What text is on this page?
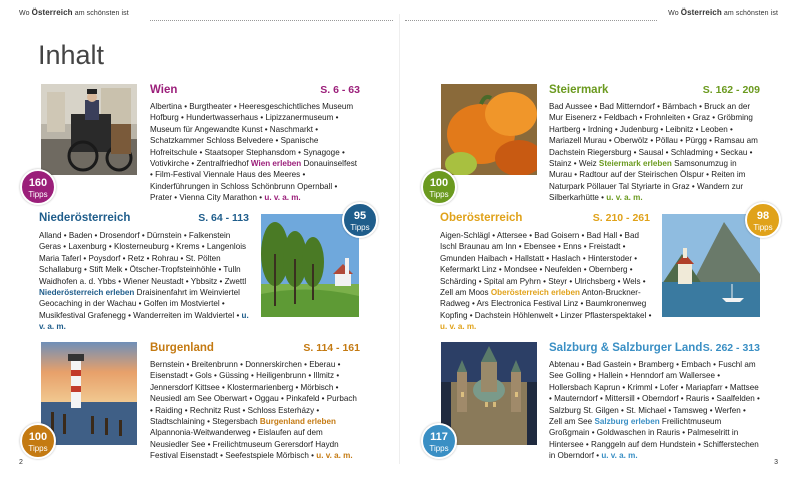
Wo Österreich am schönsten ist	Wo Österreich am schönsten ist
Inhalt
160
Tipps
Wien	S. 6 - 63
Albertina • Burgtheater • Heeresgeschichtliches Museum Hofburg • Hundertwasserhaus • Lipizzanermuseum • Museum für Angewandte Kunst • Naschmarkt • Schatzkammer Schloss Belvedere • Spanische Hofreitschule • Staatsoper Stephansdom • Synagoge • Votivkirche • Zentralfriedhof Wien erleben Donauinselfest • Film-Festival Viennale Haus des Meeres • Kinderführungen in Schloss Schönbrunn Opernball • Prater • Vienna City Marathon • u. v. a. m.
Niederösterreich	S. 64 - 113
Alland • Baden • Drosendorf • Dürnstein • Falkenstein Geras • Laxenburg • Klosterneuburg • Krems • Langenlois Maria Taferl • Poysdorf • Retz • Rohrau • St. Pölten Schallaburg • Stift Melk • Ötscher-Tropfsteinhöhle • Tulln Waidhofen a. d. Ybbs • Wiener Neustadt • Ybbsitz • Zwettl Niederösterreich erleben Draisinenfahrt im Weinviertel Geocaching in der Wachau • Golfen im Mostviertel • Musikfestival Grafenegg • Wanderreiten im Waldviertel • u. v. a. m.
95
Tipps
100
Tipps
Burgenland	S. 114 - 161
Bernstein • Breitenbrunn • Donnerskirchen • Eberau • Eisenstadt • Gols • Güssing • Heiligenbrunn • Illmitz • Jennersdorf Kittsee • Klostermarienberg • Mörbisch • Neusiedl am See Oberwart • Oggau • Pinkafeld • Purbach • Raiding • Rechnitz Rust • Schloss Esterházy • Stadtschlaining • Stegersbach Burgenland erleben Alpannonia-Weitwanderweg • Eislaufen auf dem Neusiedler See • Freilichtmuseum Gerersdorf Haydn Festival Eisenstadt • Seefestspiele Mörbisch • u. v. a. m.
100
Tipps
Steiermark	S. 162 - 209
Bad Aussee • Bad Mitterndorf • Bärnbach • Bruck an der Mur Eisenerz • Feldbach • Frohnleiten • Graz • Gröbming Hartberg • Irdning • Judenburg • Leibnitz • Leoben • Mariazell Murau • Oberwölz • Pöllau • Pürgg • Ramsau am Dachstein Riegersburg • Sausal • Schladming • Seckau • Stainz • Weiz Steiermark erleben Samsonumzug in Murau • Radtour auf der Steirischen Ölspur • Reiten im Naturpark Pöllauer Tal Styriarte in Graz • Wandern zur Silberkarhütte • u. v. a. m.
Oberösterreich	S. 210 - 261
Aigen-Schlägl • Attersee • Bad Goisern • Bad Hall • Bad Ischl Braunau am Inn • Ebensee • Enns • Freistadt • Gmunden Haibach • Hallstatt • Haslach • Hinterstoder • Kefermarkt Linz • Mondsee • Neufelden • Obernberg • Schärding • Spital am Pyhrn • Steyr • Ulrichsberg • Wels • Zell am Moos Oberösterreich erleben Anton-Bruckner-Radweg • Ars Electronica Festival Linz • Baumkronenweg Kopfing • Dachstein Höhlenwelt • Linzer Pflasterspektakel • u. v. a. m.
98
Tipps
117
Tipps
Salzburg & Salzburger Land S. 262 - 313
Abtenau • Bad Gastein • Bramberg • Embach • Fuschl am See Golling • Hallein • Henndorf am Wallersee • Hollersbach Kaprun • Krimml • Lofer • Mariapfarr • Mattsee • Mauterndorf • Mittersill • Oberndorf • Rauris • Saalfelden • Salzburg St. Gilgen • St. Michael • Tamsweg • Werfen • Zell am See Salzburg erleben Freilichtmuseum Großgmain • Goldwaschen in Rauris • Palmeselritt in Hintersee • Ranggeln auf dem Hundstein • Schifferstechen in Oberndorf • u. v. a. m.
2	3
